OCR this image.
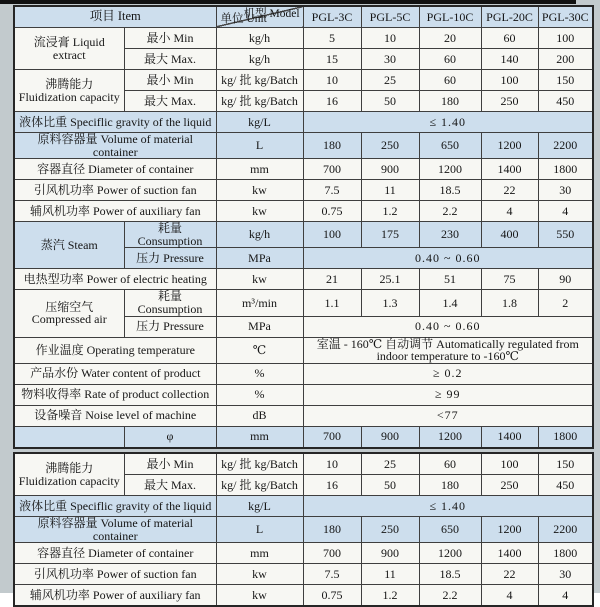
项目 Item		机型 Model
单位 Unit	PGL-3C	PGL-5C	PGL-10C	PGL-20C	PGL-30C
流浸膏 Liquid extract	最小 Min	kg/h	5	10	20	60	100
	最大 Max.	kg/h	15	30	60	140	200
沸腾能力 Fluidization capacity	最小 Min	kg/ 批 kg/Batch	10	25	60	100	150
	最大 Max.	kg/ 批 kg/Batch	16	50	180	250	450
液体比重 Speciflic gravity of the liquid		kg/L	≤ 1.40				
原料容器量 Volume of material container		L	180	250	650	1200	2200
容器直径 Diameter of container		mm	700	900	1200	1400	1800
引风机功率 Power of suction fan		kw	7.5	11	18.5	22	30
辅风机功率 Power of auxiliary fan		kw	0.75	1.2	2.2	4	4
蒸汽 Steam	耗量 Consumption	kg/h	100	175	230	400	550
	压力 Pressure	MPa	0.40 ~ 0.60				
电热型功率 Power of electric heating		kw	21	25.1	51	75	90
压缩空气 Compressed air	耗量 Consumption	m³/min	1.1	1.3	1.4	1.8	2
	压力 Pressure	MPa	0.40 ~ 0.60				
作业温度 Operating temperature		℃	室温 - 160℃ 自动调节 Automatically regulated from indoor temperature to -160℃				
产品水份 Water content of product		%	≥ 0.2				
物料收得率 Rate of product collection		%	≥ 99				
设备噪音 Noise level of machine		dB	<77				
	φ	mm	700	900	1200	1400	1800
沸腾能力 Fluidization capacity	最小 Min	kg/ 批 kg/Batch	10	25	60	100	150
	最大 Max.	kg/ 批 kg/Batch	16	50	180	250	450
液体比重 Speciflic gravity of the liquid		kg/L	≤ 1.40				
原料容器量 Volume of material container		L	180	250	650	1200	2200
容器直径 Diameter of container		mm	700	900	1200	1400	1800
引风机功率 Power of suction fan		kw	7.5	11	18.5	22	30
辅风机功率 Power of auxiliary fan		kw	0.75	1.2	2.2	4	4
